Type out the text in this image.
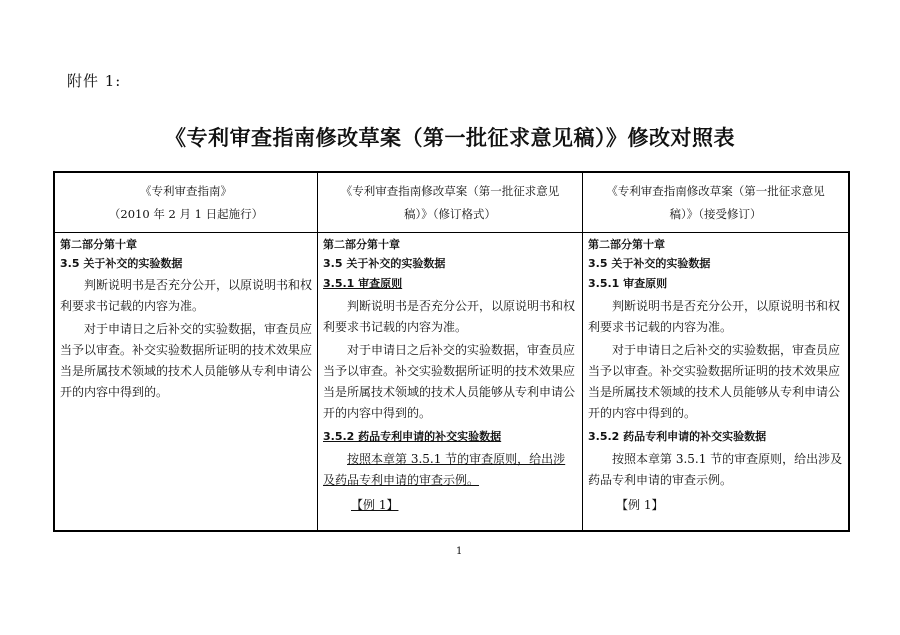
附件 1:
《专利审查指南修改草案（第一批征求意见稿）》修改对照表
《专利审查指南》
（2010 年 2 月 1 日起施行）
《专利审查指南修改草案（第一批征求意见
稿）》（修订格式）
《专利审查指南修改草案（第一批征求意见
稿）》（接受修订）
第二部分第十章
3.5 关于补交的实验数据
判断说明书是否充分公开，以原说明书和权利要求书记载的内容为准。
对于申请日之后补交的实验数据，审查员应当予以审查。补交实验数据所证明的技术效果应当是所属技术领域的技术人员能够从专利申请公开的内容中得到的。
第二部分第十章
3.5 关于补交的实验数据
3.5.1 审查原则
判断说明书是否充分公开，以原说明书和权利要求书记载的内容为准。
对于申请日之后补交的实验数据，审查员应当予以审查。补交实验数据所证明的技术效果应当是所属技术领域的技术人员能够从专利申请公开的内容中得到的。
3.5.2 药品专利申请的补交实验数据
按照本章第 3.5.1 节的审查原则，给出涉及药品专利申请的审查示例。
【例 1】
第二部分第十章
3.5 关于补交的实验数据
3.5.1 审查原则
判断说明书是否充分公开，以原说明书和权利要求书记载的内容为准。
对于申请日之后补交的实验数据，审查员应当予以审查。补交实验数据所证明的技术效果应当是所属技术领域的技术人员能够从专利申请公开的内容中得到的。
3.5.2 药品专利申请的补交实验数据
按照本章第 3.5.1 节的审查原则，给出涉及药品专利申请的审查示例。
【例 1】
1
